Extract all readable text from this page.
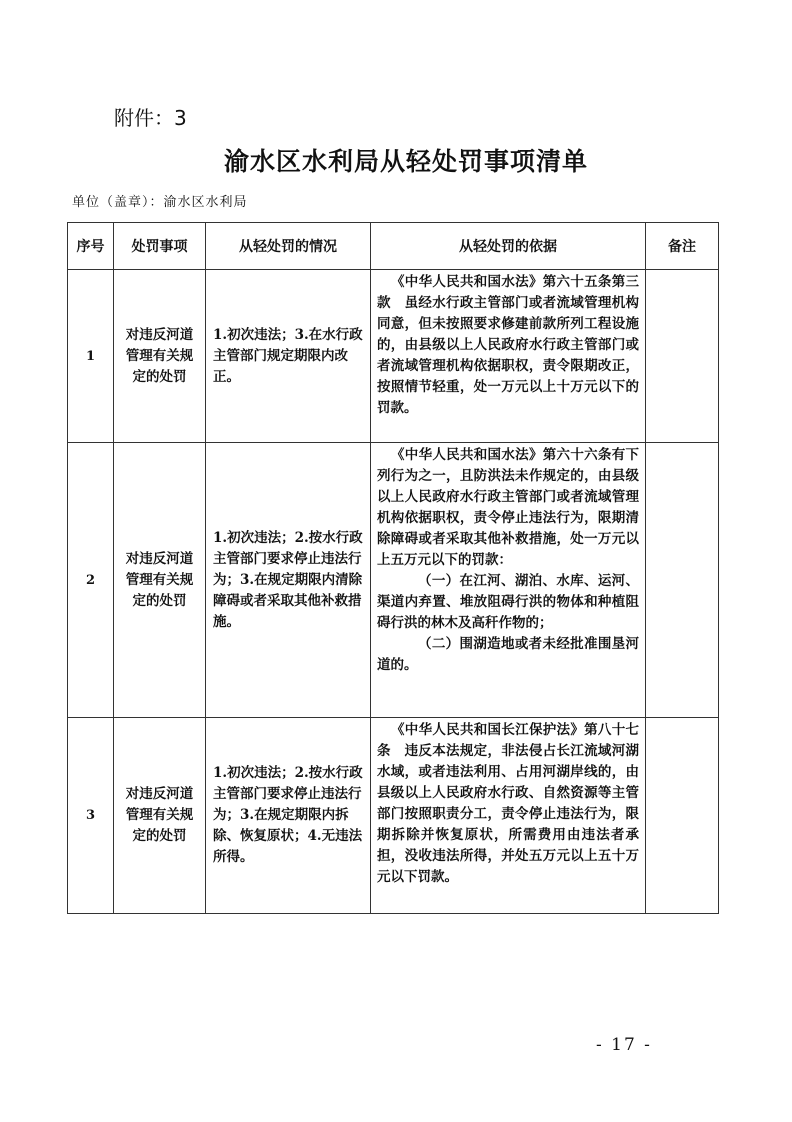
附件：3
渝水区水利局从轻处罚事项清单
单位（盖章）：渝水区水利局
序号	处罚事项	从轻处罚的情况	从轻处罚的依据	备注
1	对违反河道管理有关规定的处罚	1.初次违法；3.在水行政主管部门规定期限内改正。	《中华人民共和国水法》第六十五条第三款　虽经水行政主管部门或者流域管理机构同意，但未按照要求修建前款所列工程设施的，由县级以上人民政府水行政主管部门或者流域管理机构依据职权，责令限期改正，按照情节轻重，处一万元以上十万元以下的罚款。	

2	对违反河道管理有关规定的处罚	1.初次违法；2.按水行政主管部门要求停止违法行为；3.在规定期限内清除障碍或者采取其他补救措施。	《中华人民共和国水法》第六十六条有下列行为之一，且防洪法未作规定的，由县级以上人民政府水行政主管部门或者流域管理机构依据职权，责令停止违法行为，限期清除障碍或者采取其他补救措施，处一万元以上五万元以下的罚款：

（一）在江河、湖泊、水库、运河、渠道内弃置、堆放阻碍行洪的物体和种植阻碍行洪的林木及高秆作物的；

（二）围湖造地或者未经批准围垦河道的。	

3	对违反河道管理有关规定的处罚	1.初次违法；2.按水行政主管部门要求停止违法行为；3.在规定期限内拆除、恢复原状；4.无违法所得。	《中华人民共和国长江保护法》第八十七条　违反本法规定，非法侵占长江流域河湖水域，或者违法利用、占用河湖岸线的，由县级以上人民政府水行政、自然资源等主管部门按照职责分工，责令停止违法行为，限期拆除并恢复原状，所需费用由违法者承担，没收违法所得，并处五万元以上五十万元以下罚款。	

- 17 -
